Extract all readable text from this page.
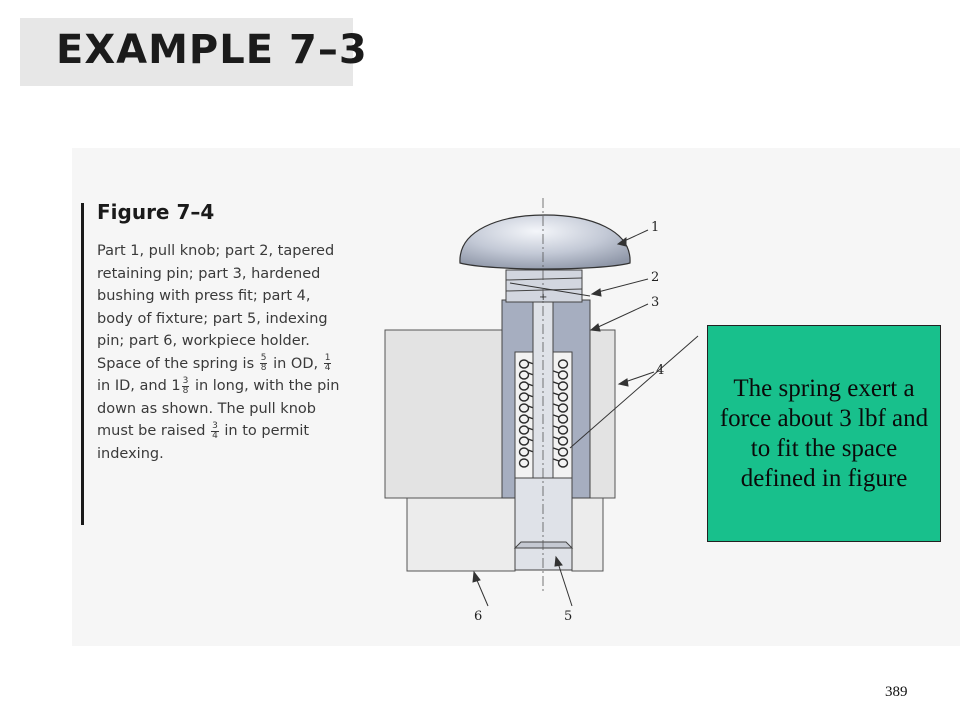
EXAMPLE 7–3
Figure 7–4

Part 1, pull knob; part 2, tapered retaining pin; part 3, hardened bushing with press fit; part 4, body of fixture; part 5, indexing pin; part 6, workpiece holder. Space of the spring is $\frac{5}{8}$ in OD, $\frac{1}{4}$
in ID, and $1 \frac{3}{8}$ in long, with the pin down as shown. The pull knob must be raised $\frac{3}{4}$ in to permit indexing.

+
1
2
3
4
6	5
The spring exert a force about 3 lbf and to fit the space defined in figure
389
